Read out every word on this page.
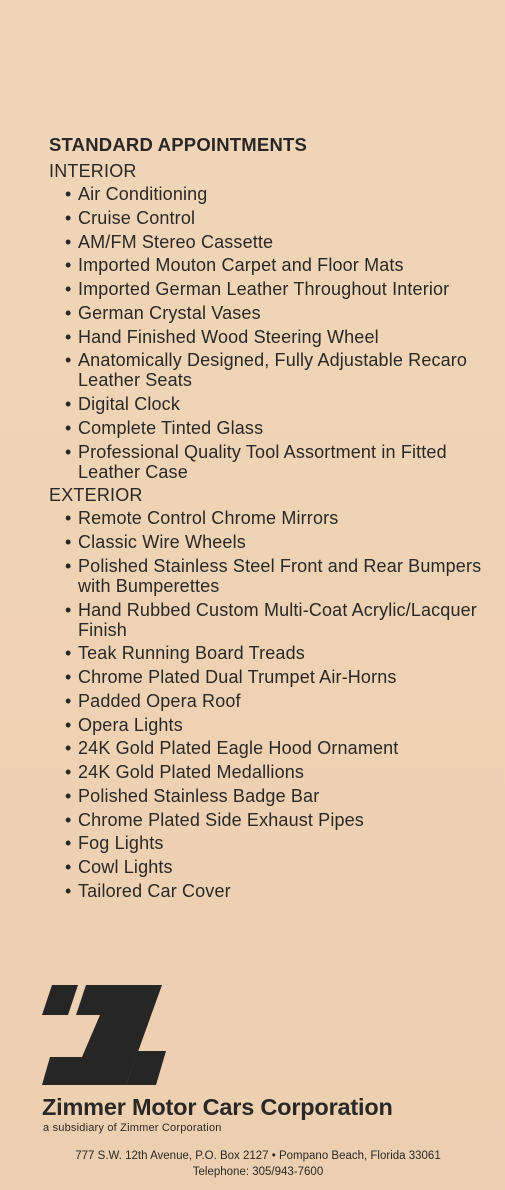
STANDARD APPOINTMENTS
INTERIOR
• Air Conditioning
• Cruise Control
• AM/FM Stereo Cassette
• Imported Mouton Carpet and Floor Mats
• Imported German Leather Throughout Interior
• German Crystal Vases
• Hand Finished Wood Steering Wheel
• Anatomically Designed, Fully Adjustable Recaro Leather Seats
• Digital Clock
• Complete Tinted Glass
• Professional Quality Tool Assortment in Fitted Leather Case
EXTERIOR
• Remote Control Chrome Mirrors
• Classic Wire Wheels
• Polished Stainless Steel Front and Rear Bumpers with Bumperettes
• Hand Rubbed Custom Multi-Coat Acrylic/Lacquer Finish
• Teak Running Board Treads
• Chrome Plated Dual Trumpet Air-Horns
• Padded Opera Roof
• Opera Lights
• 24K Gold Plated Eagle Hood Ornament
• 24K Gold Plated Medallions
• Polished Stainless Badge Bar
• Chrome Plated Side Exhaust Pipes
• Fog Lights
• Cowl Lights
• Tailored Car Cover
Zimmer Motor Cars Corporation
a subsidiary of Zimmer Corporation
777 S.W. 12th Avenue, P.O. Box 2127 • Pompano Beach, Florida 33061
Telephone: 305/943-7600
